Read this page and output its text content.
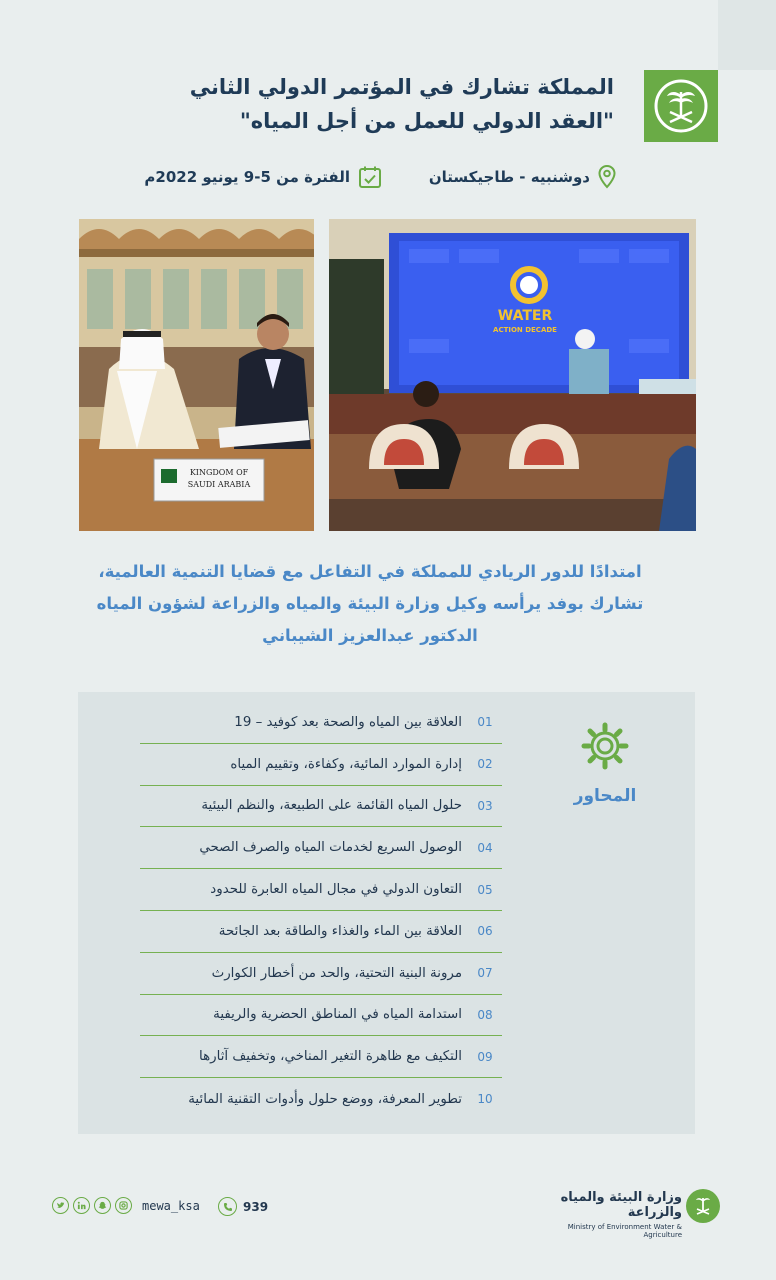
المملكة تشارك في المؤتمر الدولي الثاني
"العقد الدولي للعمل من أجل المياه"
دوشنبيه - طاجيكستان
الفترة من 5-9 يونيو 2022م
KINGDOM OF
SAUDI ARABIA
WATER
ACTION DECADE
امتدادًا للدور الريادي للمملكة في التفاعل مع قضايا التنمية العالمية،
تشارك بوفد يرأسه وكيل وزارة البيئة والمياه والزراعة لشؤون المياه
الدكتور عبدالعزيز الشيباني
المحاور
01
العلاقة بين المياه والصحة بعد كوفيد – 19
02
إدارة الموارد المائية، وكفاءة، وتقييم المياه
03
حلول المياه القائمة على الطبيعة، والنظم البيئية
04
الوصول السريع لخدمات المياه والصرف الصحي
05
التعاون الدولي في مجال المياه العابرة للحدود
06
العلاقة بين الماء والغذاء والطاقة بعد الجائحة
07
مرونة البنية التحتية، والحد من أخطار الكوارث
08
استدامة المياه في المناطق الحضرية والريفية
09
التكيف مع ظاهرة التغير المناخي، وتخفيف آثارها
10
تطوير المعرفة، ووضع حلول وأدوات التقنية المائية
mewa_ksa	939
وزارة البيئة والمياه والزراعة
Ministry of Environment Water & Agriculture
